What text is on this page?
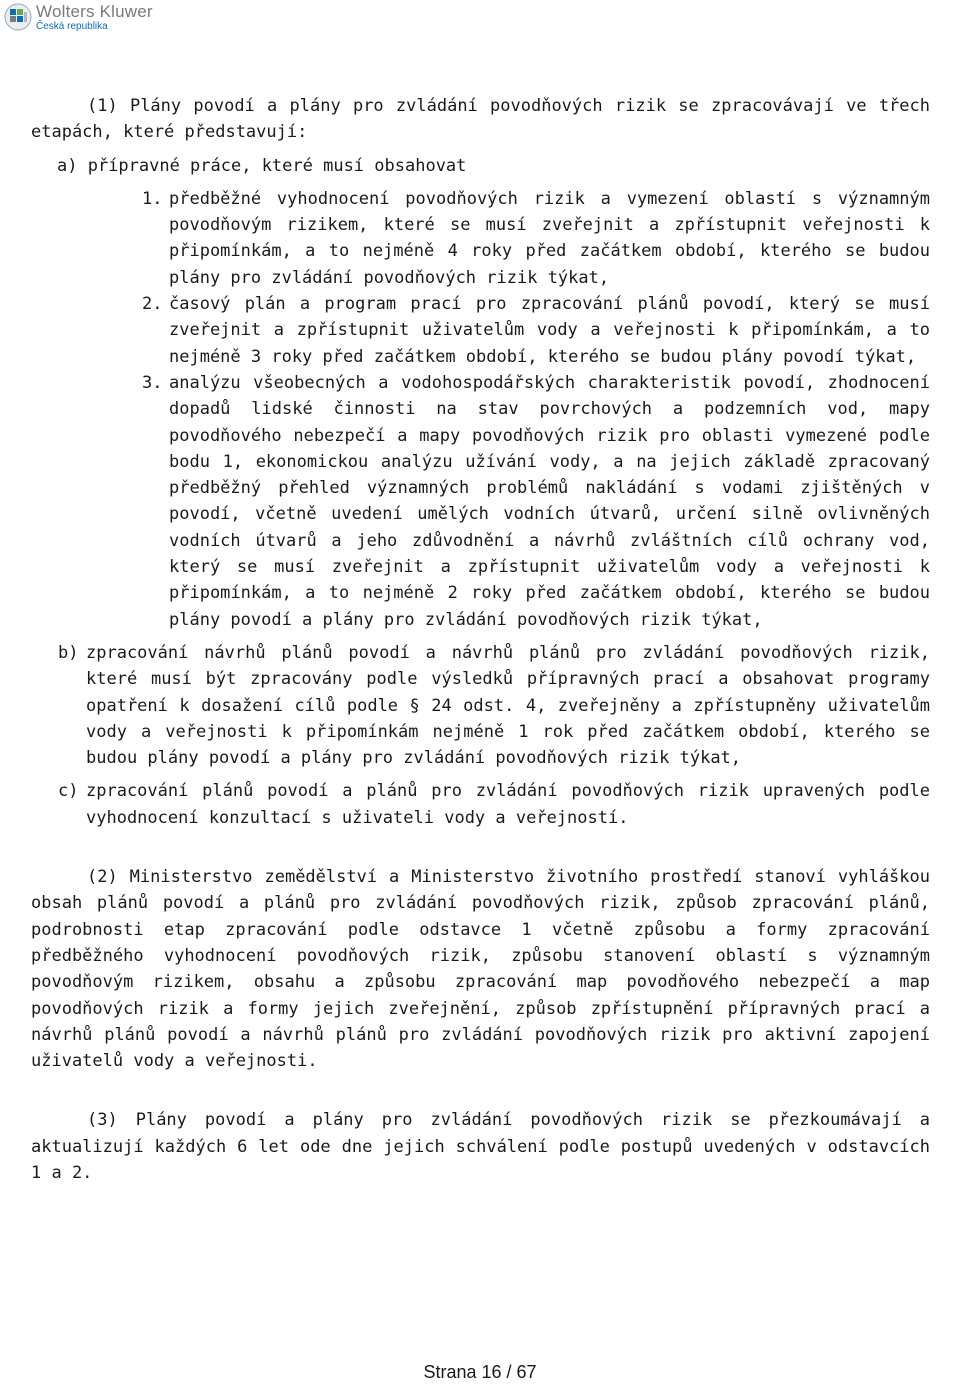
Wolters Kluwer
Česká republika

(1) Plány povodí a plány pro zvládání povodňových rizik se zpracovávají ve třech etapách, které představují:

a) přípravné práce, které musí obsahovat

1. předběžné vyhodnocení povodňových rizik a vymezení oblastí s významným povodňovým rizikem, které se musí zveřejnit a zpřístupnit veřejnosti k připomínkám, a to nejméně 4 roky před začátkem období, kterého se budou plány pro zvládání povodňových rizik týkat,

2. časový plán a program prací pro zpracování plánů povodí, který se musí zveřejnit a zpřístupnit uživatelům vody a veřejnosti k připomínkám, a to nejméně 3 roky před začátkem období, kterého se budou plány povodí týkat,

3. analýzu všeobecných a vodohospodářských charakteristik povodí, zhodnocení dopadů lidské činnosti na stav povrchových a podzemních vod, mapy povodňového nebezpečí a mapy povodňových rizik pro oblasti vymezené podle bodu 1, ekonomickou analýzu užívání vody, a na jejich základě zpracovaný předběžný přehled významných problémů nakládání s vodami zjištěných v povodí, včetně uvedení umělých vodních útvarů, určení silně ovlivněných vodních útvarů a jeho zdůvodnění a návrhů zvláštních cílů ochrany vod, který se musí zveřejnit a zpřístupnit uživatelům vody a veřejnosti k připomínkám, a to nejméně 2 roky před začátkem období, kterého se budou plány povodí a plány pro zvládání povodňových rizik týkat,

b) zpracování návrhů plánů povodí a návrhů plánů pro zvládání povodňových rizik, které musí být zpracovány podle výsledků přípravných prací a obsahovat programy opatření k dosažení cílů podle § 24 odst. 4, zveřejněny a zpřístupněny uživatelům vody a veřejnosti k připomínkám nejméně 1 rok před začátkem období, kterého se budou plány povodí a plány pro zvládání povodňových rizik týkat,

c) zpracování plánů povodí a plánů pro zvládání povodňových rizik upravených podle vyhodnocení konzultací s uživateli vody a veřejností.

(2) Ministerstvo zemědělství a Ministerstvo životního prostředí stanoví vyhláškou obsah plánů povodí a plánů pro zvládání povodňových rizik, způsob zpracování plánů, podrobnosti etap zpracování podle odstavce 1 včetně způsobu a formy zpracování předběžného vyhodnocení povodňových rizik, způsobu stanovení oblastí s významným povodňovým rizikem, obsahu a způsobu zpracování map povodňového nebezpečí a map povodňových rizik a formy jejich zveřejnění, způsob zpřístupnění přípravných prací a návrhů plánů povodí a návrhů plánů pro zvládání povodňových rizik pro aktivní zapojení uživatelů vody a veřejnosti.

(3) Plány povodí a plány pro zvládání povodňových rizik se přezkoumávají a aktualizují každých 6 let ode dne jejich schválení podle postupů uvedených v odstavcích 1 a 2.

Strana 16 / 67
